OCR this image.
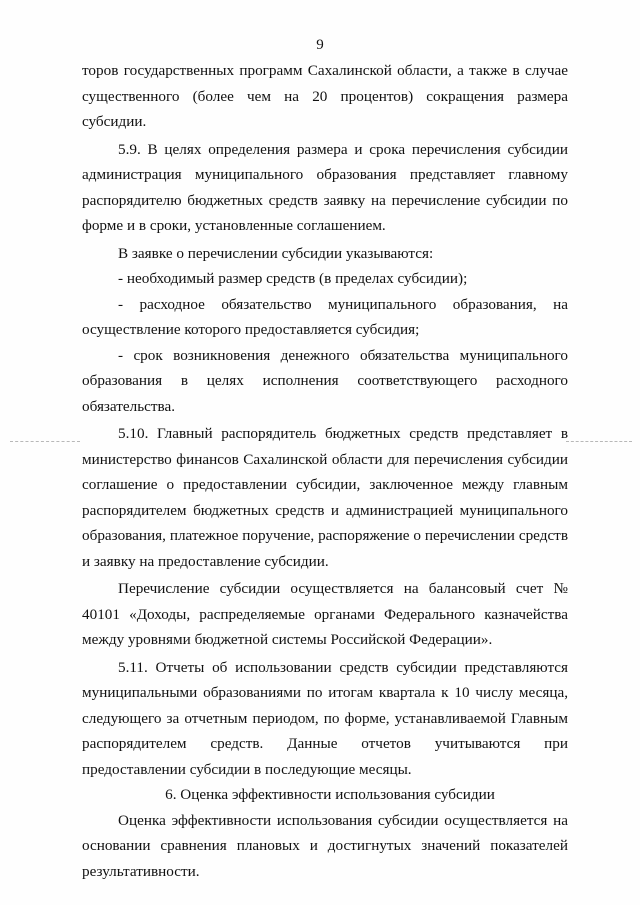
9

торов государственных программ Сахалинской области, а также в случае существенного (более чем на 20 процентов) сокращения размера субсидии.

5.9. В целях определения размера и срока перечисления субсидии администрация муниципального образования представляет главному распорядителю бюджетных средств заявку на перечисление субсидии по форме и в сроки, установленные соглашением.

В заявке о перечислении субсидии указываются:

- необходимый размер средств (в пределах субсидии);

- расходное обязательство муниципального образования, на осуществление которого предоставляется субсидия;

- срок возникновения денежного обязательства муниципального образования в целях исполнения соответствующего расходного обязательства.

5.10. Главный распорядитель бюджетных средств представляет в министерство финансов Сахалинской области для перечисления субсидии соглашение о предоставлении субсидии, заключенное между главным распорядителем бюджетных средств и администрацией муниципального образования, платежное поручение, распоряжение о перечислении средств и заявку на предоставление субсидии.

Перечисление субсидии осуществляется на балансовый счет № 40101 «Доходы, распределяемые органами Федерального казначейства между уровнями бюджетной системы Российской Федерации».

5.11. Отчеты об использовании средств субсидии представляются муниципальными образованиями по итогам квартала к 10 числу месяца, следующего за отчетным периодом, по форме, устанавливаемой Главным распорядителем средств. Данные отчетов учитываются при предоставлении субсидии в последующие месяцы.

6. Оценка эффективности использования субсидии

Оценка эффективности использования субсидии осуществляется на основании сравнения плановых и достигнутых значений показателей результативности.
